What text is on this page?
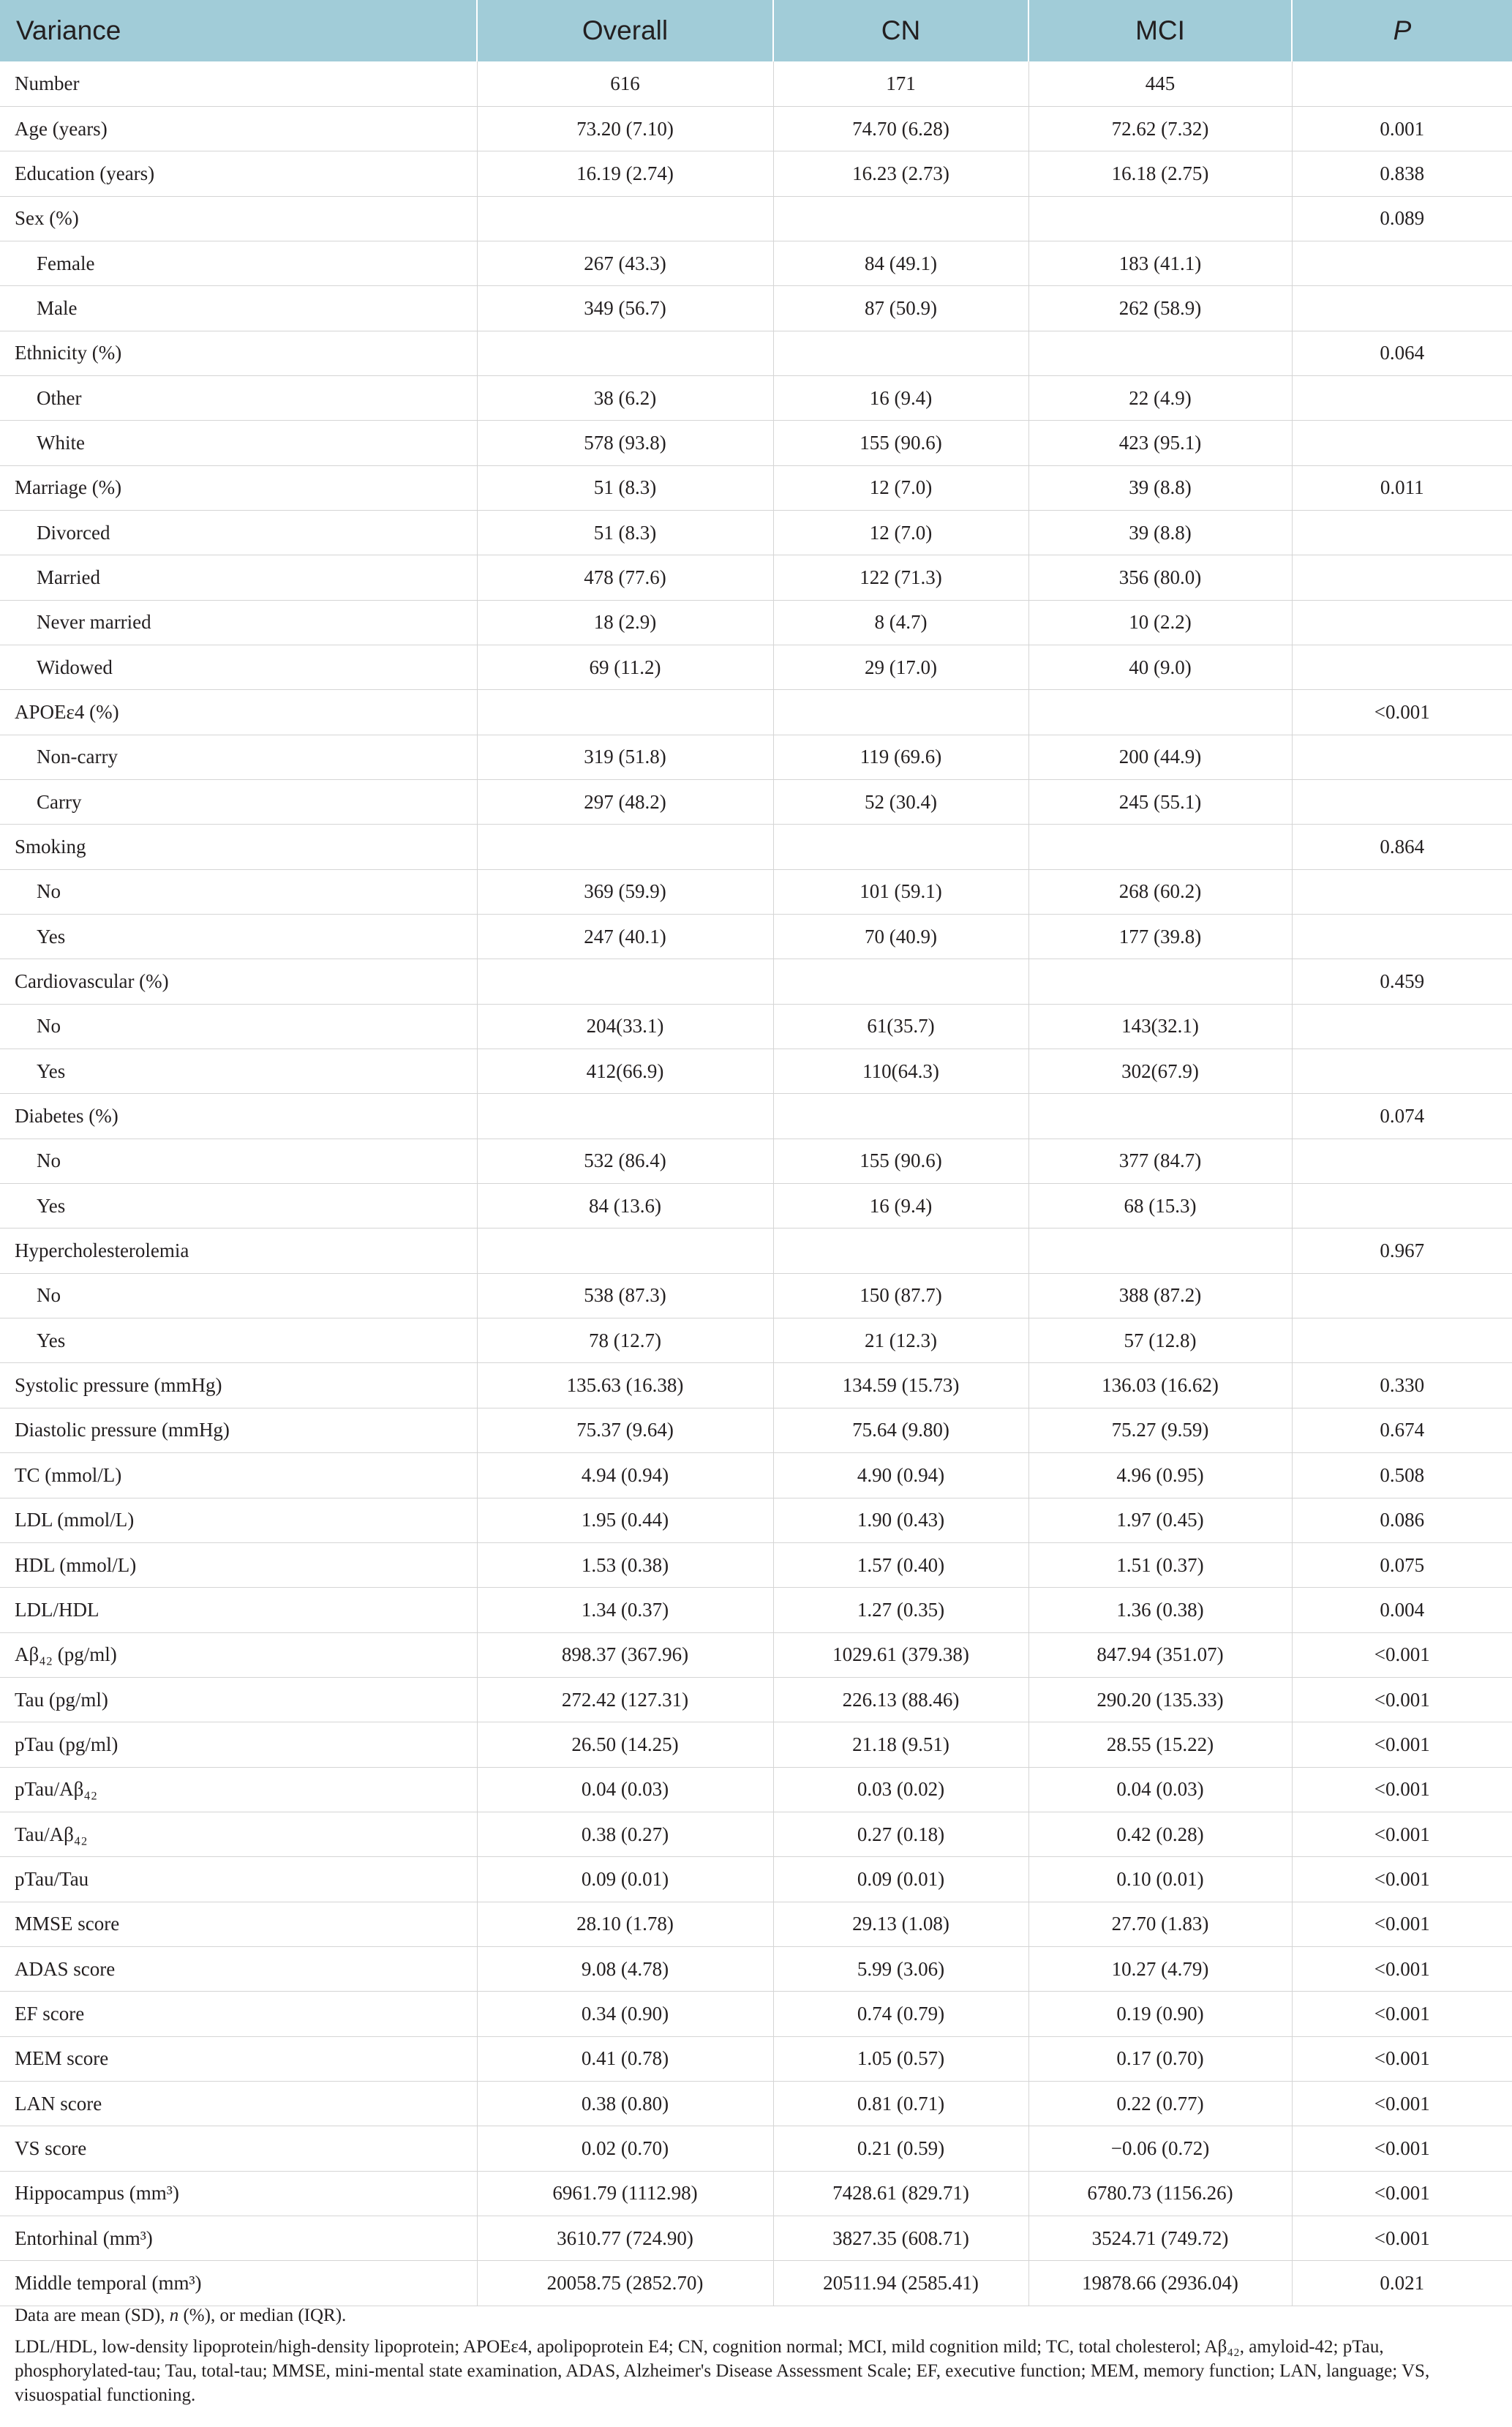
Variance	Overall	CN	MCI	P
Number	616	171	445	
Age (years)	73.20 (7.10)	74.70 (6.28)	72.62 (7.32)	0.001
Education (years)	16.19 (2.74)	16.23 (2.73)	16.18 (2.75)	0.838
Sex (%)				0.089
Female	267 (43.3)	84 (49.1)	183 (41.1)	
Male	349 (56.7)	87 (50.9)	262 (58.9)	
Ethnicity (%)				0.064
Other	38 (6.2)	16 (9.4)	22 (4.9)	
White	578 (93.8)	155 (90.6)	423 (95.1)	
Marriage (%)	51 (8.3)	12 (7.0)	39 (8.8)	0.011
Divorced	51 (8.3)	12 (7.0)	39 (8.8)	
Married	478 (77.6)	122 (71.3)	356 (80.0)	
Never married	18 (2.9)	8 (4.7)	10 (2.2)	
Widowed	69 (11.2)	29 (17.0)	40 (9.0)	
APOEε4 (%)				<0.001
Non-carry	319 (51.8)	119 (69.6)	200 (44.9)	
Carry	297 (48.2)	52 (30.4)	245 (55.1)	
Smoking				0.864
No	369 (59.9)	101 (59.1)	268 (60.2)	
Yes	247 (40.1)	70 (40.9)	177 (39.8)	
Cardiovascular (%)				0.459
No	204(33.1)	61(35.7)	143(32.1)	
Yes	412(66.9)	110(64.3)	302(67.9)	
Diabetes (%)				0.074
No	532 (86.4)	155 (90.6)	377 (84.7)	
Yes	84 (13.6)	16 (9.4)	68 (15.3)	
Hypercholesterolemia				0.967
No	538 (87.3)	150 (87.7)	388 (87.2)	
Yes	78 (12.7)	21 (12.3)	57 (12.8)	
Systolic pressure (mmHg)	135.63 (16.38)	134.59 (15.73)	136.03 (16.62)	0.330
Diastolic pressure (mmHg)	75.37 (9.64)	75.64 (9.80)	75.27 (9.59)	0.674
TC (mmol/L)	4.94 (0.94)	4.90 (0.94)	4.96 (0.95)	0.508
LDL (mmol/L)	1.95 (0.44)	1.90 (0.43)	1.97 (0.45)	0.086
HDL (mmol/L)	1.53 (0.38)	1.57 (0.40)	1.51 (0.37)	0.075
LDL/HDL	1.34 (0.37)	1.27 (0.35)	1.36 (0.38)	0.004
Aβ₄₂ (pg/ml)	898.37 (367.96)	1029.61 (379.38)	847.94 (351.07)	<0.001
Tau (pg/ml)	272.42 (127.31)	226.13 (88.46)	290.20 (135.33)	<0.001
pTau (pg/ml)	26.50 (14.25)	21.18 (9.51)	28.55 (15.22)	<0.001
pTau/Aβ₄₂	0.04 (0.03)	0.03 (0.02)	0.04 (0.03)	<0.001
Tau/Aβ₄₂	0.38 (0.27)	0.27 (0.18)	0.42 (0.28)	<0.001
pTau/Tau	0.09 (0.01)	0.09 (0.01)	0.10 (0.01)	<0.001
MMSE score	28.10 (1.78)	29.13 (1.08)	27.70 (1.83)	<0.001
ADAS score	9.08 (4.78)	5.99 (3.06)	10.27 (4.79)	<0.001
EF score	0.34 (0.90)	0.74 (0.79)	0.19 (0.90)	<0.001
MEM score	0.41 (0.78)	1.05 (0.57)	0.17 (0.70)	<0.001
LAN score	0.38 (0.80)	0.81 (0.71)	0.22 (0.77)	<0.001
VS score	0.02 (0.70)	0.21 (0.59)	−0.06 (0.72)	<0.001
Hippocampus (mm³)	6961.79 (1112.98)	7428.61 (829.71)	6780.73 (1156.26)	<0.001
Entorhinal (mm³)	3610.77 (724.90)	3827.35 (608.71)	3524.71 (749.72)	<0.001
Middle temporal (mm³)	20058.75 (2852.70)	20511.94 (2585.41)	19878.66 (2936.04)	0.021

Data are mean (SD), n (%), or median (IQR).

LDL/HDL, low-density lipoprotein/high-density lipoprotein; APOEε4, apolipoprotein E4; CN, cognition normal; MCI, mild cognition mild; TC, total cholesterol; Aβ₄₂, amyloid-42; pTau, phosphorylated-tau; Tau, total-tau; MMSE, mini-mental state examination, ADAS, Alzheimer's Disease Assessment Scale; EF, executive function; MEM, memory function; LAN, language; VS, visuospatial functioning.
